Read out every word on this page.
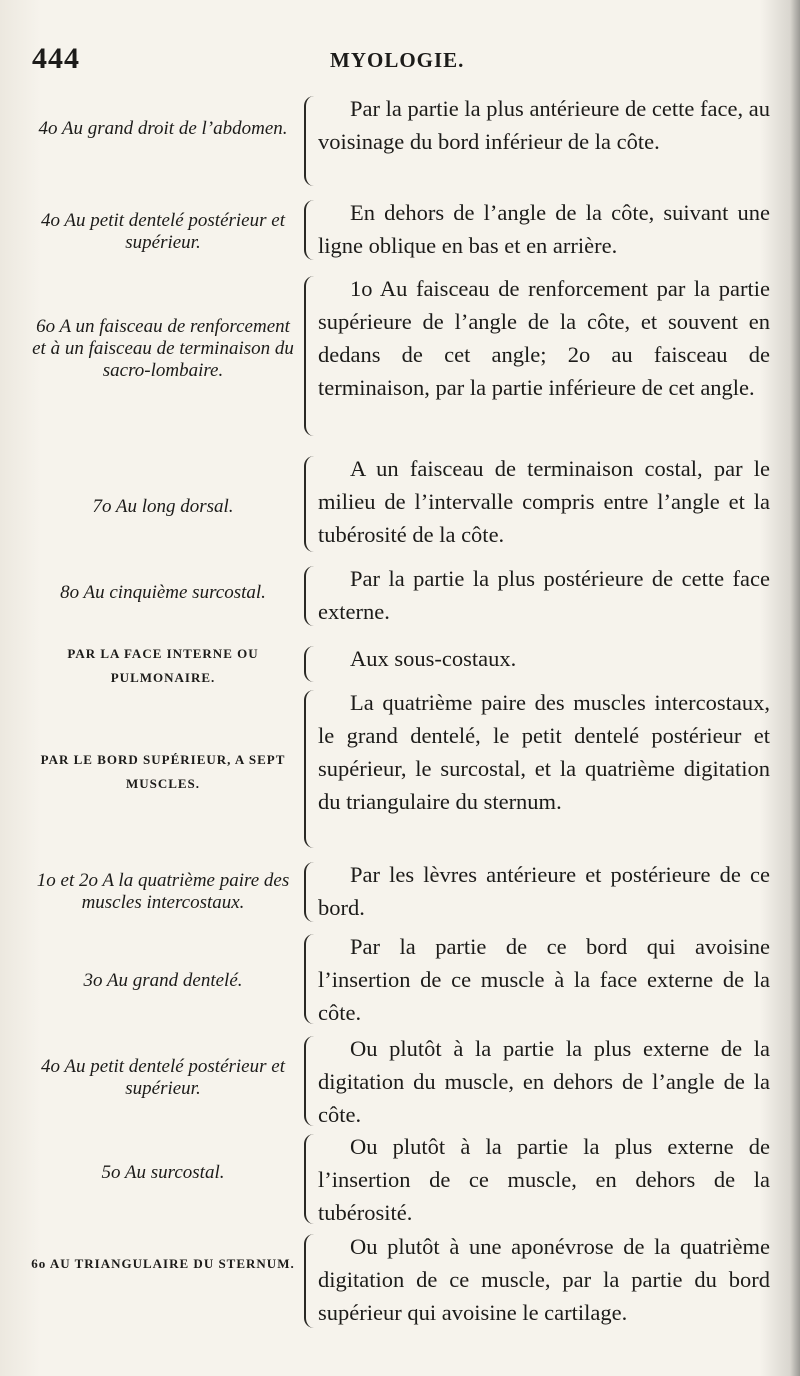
444	MYOLOGIE.
4o Au grand droit de l’abdomen.
Par la partie la plus antérieure de cette face, au voisinage du bord inférieur de la côte.
4o Au petit dentelé postérieur et supérieur.
En dehors de l’angle de la côte, suivant une ligne oblique en bas et en arrière.
6o A un faisceau de renforcement et à un faisceau de terminaison du sacro-lombaire.
1o Au faisceau de renforcement par la partie supérieure de l’angle de la côte, et souvent en dedans de cet angle; 2o au faisceau de terminaison, par la partie inférieure de cet angle.
7o Au long dorsal.
A un faisceau de terminaison costal, par le milieu de l’intervalle compris entre l’angle et la tubérosité de la côte.
8o Au cinquième surcostal.
Par la partie la plus postérieure de cette face externe.
PAR LA FACE INTERNE OU PULMONAIRE.
Aux sous-costaux.
PAR LE BORD SUPÉRIEUR, A SEPT MUSCLES.
La quatrième paire des muscles intercostaux, le grand dentelé, le petit dentelé postérieur et supérieur, le surcostal, et la quatrième digitation du triangulaire du sternum.
1o et 2o A la quatrième paire des muscles intercostaux.
Par les lèvres antérieure et postérieure de ce bord.
3o Au grand dentelé.
Par la partie de ce bord qui avoisine l’insertion de ce muscle à la face externe de la côte.
4o Au petit dentelé postérieur et supérieur.
Ou plutôt à la partie la plus externe de la digitation du muscle, en dehors de l’angle de la côte.
5o Au surcostal.
Ou plutôt à la partie la plus externe de l’insertion de ce muscle, en dehors de la tubérosité.
6o AU TRIANGULAIRE DU STERNUM.
Ou plutôt à une aponévrose de la quatrième digitation de ce muscle, par la partie du bord supérieur qui avoisine le cartilage.
